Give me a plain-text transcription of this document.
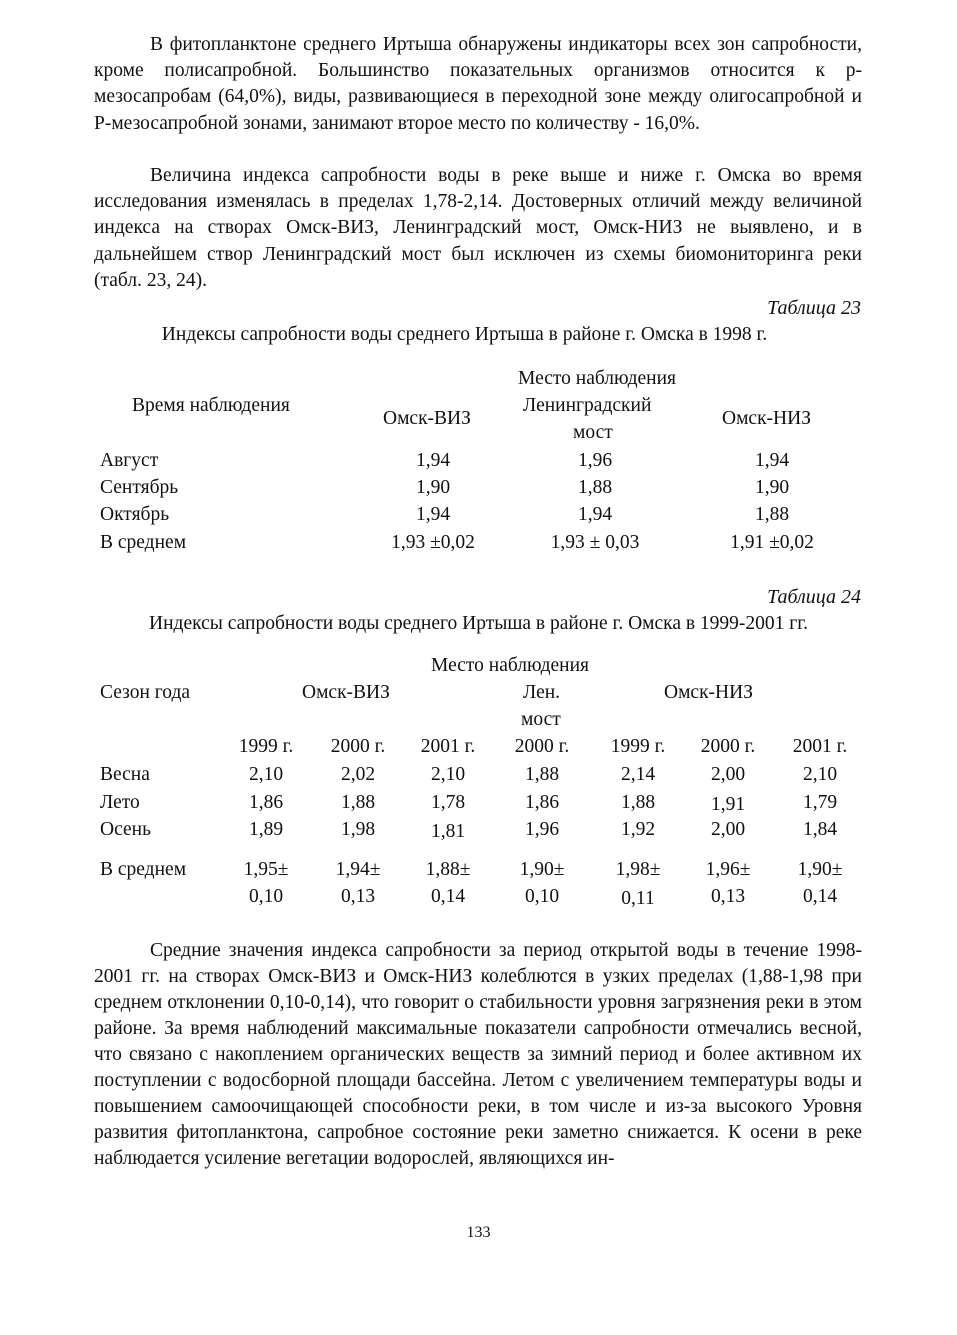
В фитопланктоне среднего Иртыша обнаружены индикаторы всех зон сапробности, кроме полисапробной. Большинство показательных организмов относится к р-мезосапробам (64,0%), виды, развивающиеся в переходной зоне между олигосапробной и Р-мезосапробной зонами, занимают второе место по количеству - 16,0%.

Величина индекса сапробности воды в реке выше и ниже г. Омска во время исследования изменялась в пределах 1,78-2,14. Достоверных отличий между величиной индекса на створах Омск-ВИЗ, Ленинградский мост, Омск-НИЗ не выявлено, и в дальнейшем створ Ленинградский мост был исключен из схемы биомониторинга реки (табл. 23, 24).

Таблица 23
Индексы сапробности воды среднего Иртыша в районе г. Омска в 1998 г.
Место наблюдения
Время наблюдения
Омск-ВИЗ
Ленинградский
мост
Омск-НИЗ
Август	1,94	1,96	1,94
Сентябрь	1,90	1,88	1,90
Октябрь	1,94	1,94	1,88
В среднем	1,93 ±0,02	1,93 ± 0,03	1,91 ±0,02
Таблица 24
Индексы сапробности воды среднего Иртыша в районе г. Омска в 1999-2001 гг.
Место наблюдения
Сезон года	Омск-ВИЗ	Лен.
мост
Омск-НИЗ
1999 г.	2000 г.	2001 г.	2000 г.	1999 г.	2000 г.	2001 г.
Весна	2,10	2,02	2,10	1,88	2,14	2,00	2,10
Лето	1,86	1,88	1,78	1,86	1,88	1,91	1,79
Осень	1,89	1,98	1,81	1,96	1,92	2,00	1,84
В среднем	1,95±	1,94±	1,88±	1,90±	1,98±	1,96±	1,90±
0,10	0,13	0,14	0,10	0,11	0,13	0,14

Средние значения индекса сапробности за период открытой воды в течение 1998-2001 гг. на створах Омск-ВИЗ и Омск-НИЗ колеблются в узких пределах (1,88-1,98 при среднем отклонении 0,10-0,14), что говорит о стабильности уровня загрязнения реки в этом районе. За время наблюдений максимальные показатели сапробности отмечались весной, что связано с накоплением органических веществ за зимний период и более активном их поступлении с водосборной площади бассейна. Летом с увеличением температуры воды и повышением самоочищающей способности реки, в том числе и из-за высокого Уровня развития фитопланктона, сапробное состояние реки заметно снижается. К осени в реке наблюдается усиление вегетации водорослей, являющихся ин-

133
